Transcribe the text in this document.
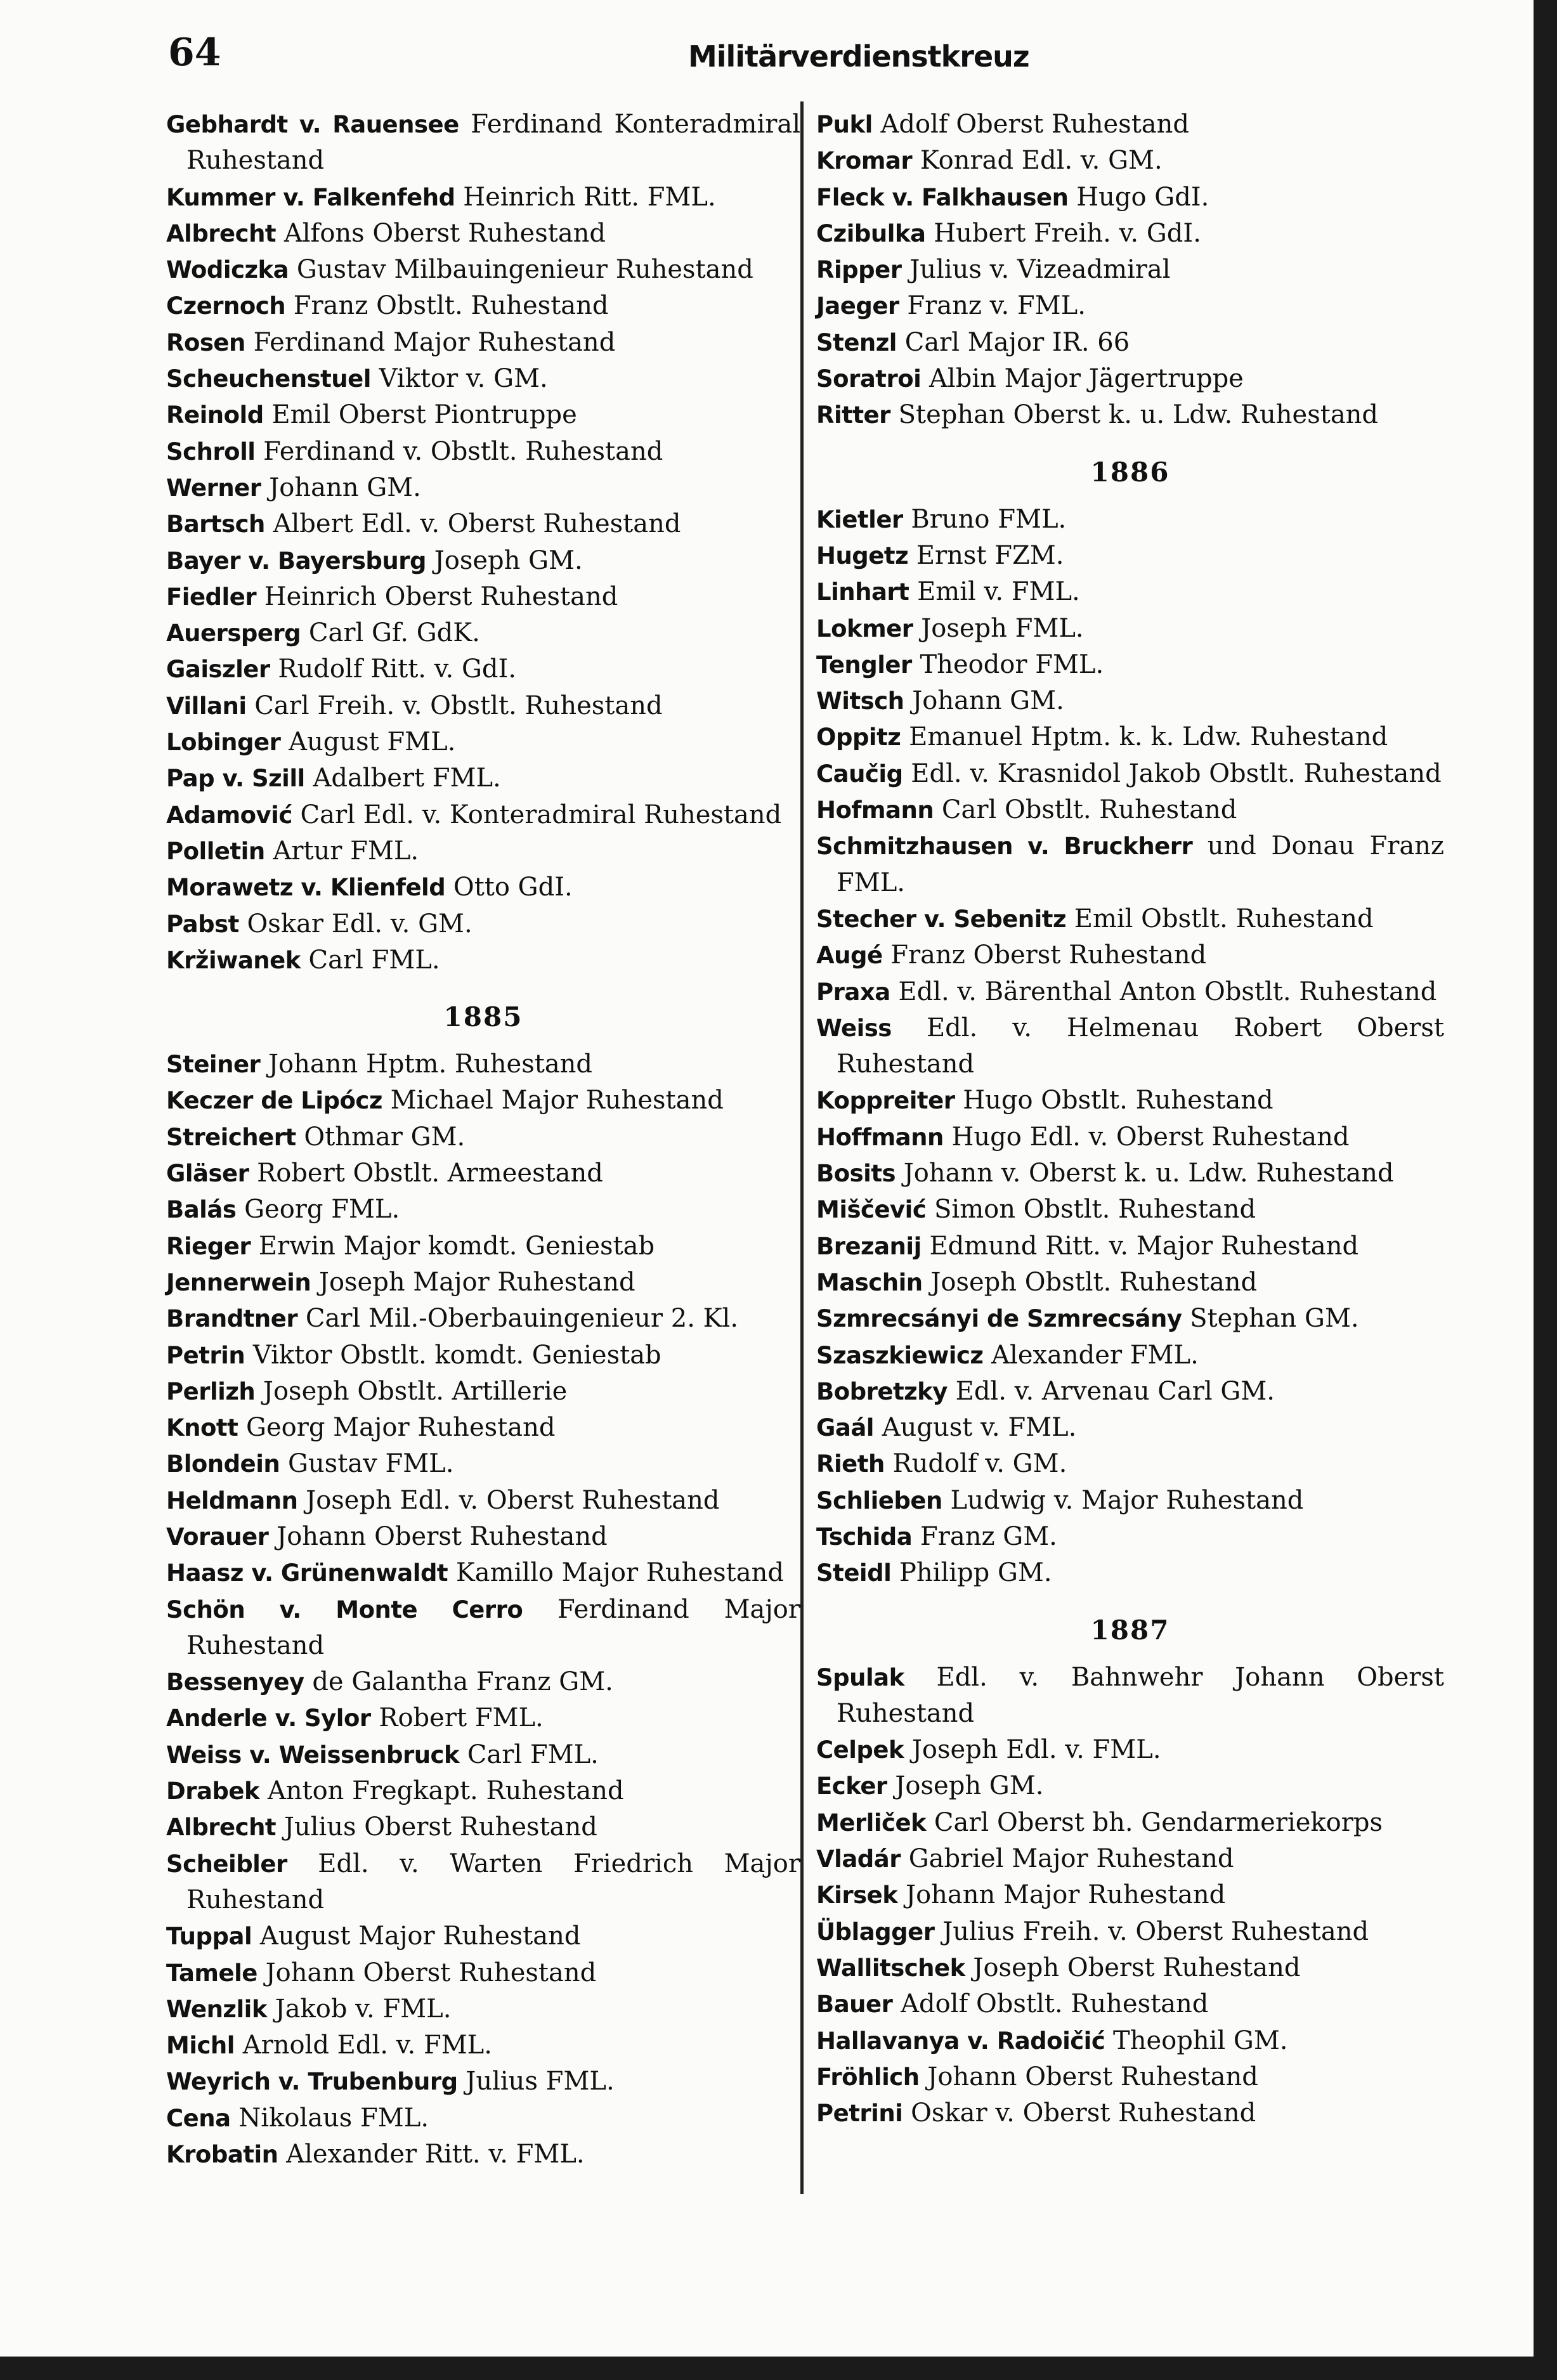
64	Militärverdienstkreuz

Gebhardt v. Rauensee Ferdinand Konteradmiral Ruhestand

Kummer v. Falkenfehd Heinrich Ritt. FML.

Albrecht Alfons Oberst Ruhestand

Wodiczka Gustav Milbauingenieur Ruhestand

Czernoch Franz Obstlt. Ruhestand

Rosen Ferdinand Major Ruhestand

Scheuchenstuel Viktor v. GM.

Reinold Emil Oberst Piontruppe

Schroll Ferdinand v. Obstlt. Ruhestand

Werner Johann GM.

Bartsch Albert Edl. v. Oberst Ruhestand

Bayer v. Bayersburg Joseph GM.

Fiedler Heinrich Oberst Ruhestand

Auersperg Carl Gf. GdK.

Gaiszler Rudolf Ritt. v. GdI.

Villani Carl Freih. v. Obstlt. Ruhestand

Lobinger August FML.

Pap v. Szill Adalbert FML.

Adamović Carl Edl. v. Konteradmiral Ruhestand

Polletin Artur FML.

Morawetz v. Klienfeld Otto GdI.

Pabst Oskar Edl. v. GM.

Kržiwanek Carl FML.

1885

Steiner Johann Hptm. Ruhestand

Keczer de Lipócz Michael Major Ruhestand

Streichert Othmar GM.

Gläser Robert Obstlt. Armeestand

Balás Georg FML.

Rieger Erwin Major komdt. Geniestab

Jennerwein Joseph Major Ruhestand

Brandtner Carl Mil.-Oberbauingenieur 2. Kl.

Petrin Viktor Obstlt. komdt. Geniestab

Perlizh Joseph Obstlt. Artillerie

Knott Georg Major Ruhestand

Blondein Gustav FML.

Heldmann Joseph Edl. v. Oberst Ruhestand

Vorauer Johann Oberst Ruhestand

Haasz v. Grünenwaldt Kamillo Major Ruhestand

Schön v. Monte Cerro Ferdinand Major Ruhestand

Bessenyey de Galantha Franz GM.

Anderle v. Sylor Robert FML.

Weiss v. Weissenbruck Carl FML.

Drabek Anton Fregkapt. Ruhestand

Albrecht Julius Oberst Ruhestand

Scheibler Edl. v. Warten Friedrich Major Ruhestand

Tuppal August Major Ruhestand

Tamele Johann Oberst Ruhestand

Wenzlik Jakob v. FML.

Michl Arnold Edl. v. FML.

Weyrich v. Trubenburg Julius FML.

Cena Nikolaus FML.

Krobatin Alexander Ritt. v. FML.

Pukl Adolf Oberst Ruhestand

Kromar Konrad Edl. v. GM.

Fleck v. Falkhausen Hugo GdI.

Czibulka Hubert Freih. v. GdI.

Ripper Julius v. Vizeadmiral

Jaeger Franz v. FML.

Stenzl Carl Major IR. 66

Soratroi Albin Major Jägertruppe

Ritter Stephan Oberst k. u. Ldw. Ruhestand

1886

Kietler Bruno FML.

Hugetz Ernst FZM.

Linhart Emil v. FML.

Lokmer Joseph FML.

Tengler Theodor FML.

Witsch Johann GM.

Oppitz Emanuel Hptm. k. k. Ldw. Ruhestand

Caučig Edl. v. Krasnidol Jakob Obstlt. Ruhestand

Hofmann Carl Obstlt. Ruhestand

Schmitzhausen v. Bruckherr und Donau Franz FML.

Stecher v. Sebenitz Emil Obstlt. Ruhestand

Augé Franz Oberst Ruhestand

Praxa Edl. v. Bärenthal Anton Obstlt. Ruhestand

Weiss Edl. v. Helmenau Robert Oberst Ruhestand

Koppreiter Hugo Obstlt. Ruhestand

Hoffmann Hugo Edl. v. Oberst Ruhestand

Bosits Johann v. Oberst k. u. Ldw. Ruhestand

Miščević Simon Obstlt. Ruhestand

Brezanij Edmund Ritt. v. Major Ruhestand

Maschin Joseph Obstlt. Ruhestand

Szmrecsányi de Szmrecsány Stephan GM.

Szaszkiewicz Alexander FML.

Bobretzky Edl. v. Arvenau Carl GM.

Gaál August v. FML.

Rieth Rudolf v. GM.

Schlieben Ludwig v. Major Ruhestand

Tschida Franz GM.

Steidl Philipp GM.

1887

Spulak Edl. v. Bahnwehr Johann Oberst Ruhestand

Celpek Joseph Edl. v. FML.

Ecker Joseph GM.

Merliček Carl Oberst bh. Gendarmeriekorps

Vladár Gabriel Major Ruhestand

Kirsek Johann Major Ruhestand

Üblagger Julius Freih. v. Oberst Ruhestand

Wallitschek Joseph Oberst Ruhestand

Bauer Adolf Obstlt. Ruhestand

Hallavanya v. Radoičić Theophil GM.

Fröhlich Johann Oberst Ruhestand

Petrini Oskar v. Oberst Ruhestand
